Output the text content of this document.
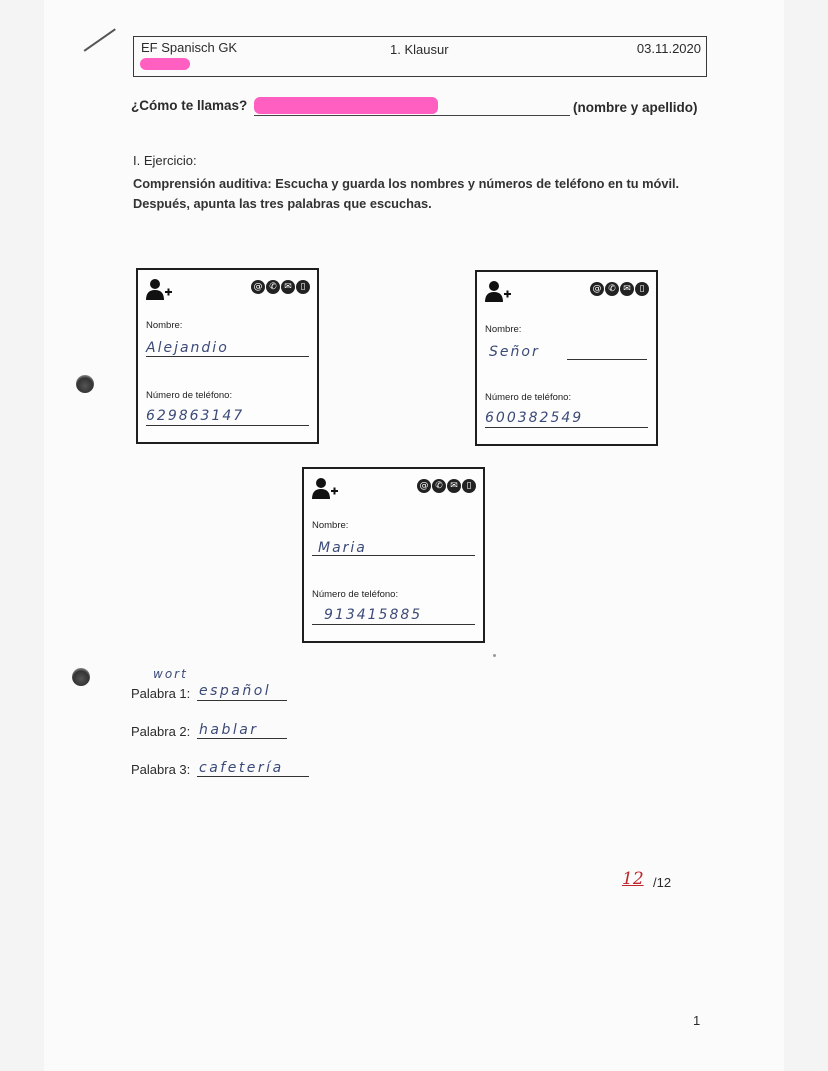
EF Spanisch GK	1. Klausur	03.11.2020
¿Cómo te llamas?	(nombre y apellido)
I. Ejercicio:
Comprensión auditiva: Escucha y guarda los nombres y números de teléfono en tu móvil. Después, apunta las tres palabras que escuchas.
@ ✆ ✉ ▯
Nombre:
Alejandio
Número de teléfono:
629863147
@ ✆ ✉ ▯
Nombre:
Señor
Número de teléfono:
600382549
@ ✆ ✉ ▯
Nombre:
Maria
Número de teléfono:
913415885
wort
Palabra 1: español
Palabra 2: hablar
Palabra 3: cafetería
12 /12
1
